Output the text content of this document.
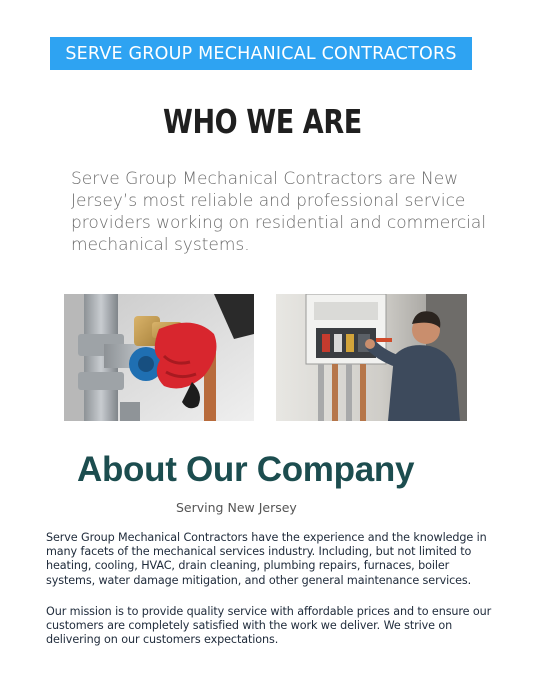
SERVE GROUP MECHANICAL CONTRACTORS
WHO WE ARE

Serve Group Mechanical Contractors are New Jersey’s most reliable and professional service providers working on residential and commercial mechanical systems.

About Our Company
Serving New Jersey

Serve Group Mechanical Contractors have the experience and the knowledge in many facets of the mechanical services industry. Including, but not limited to heating, cooling, HVAC, drain cleaning, plumbing repairs, furnaces, boiler systems, water damage mitigation, and other general maintenance services.

Our mission is to provide quality service with affordable prices and to ensure our customers are completely satisfied with the work we deliver. We strive on delivering on our customers expectations.
